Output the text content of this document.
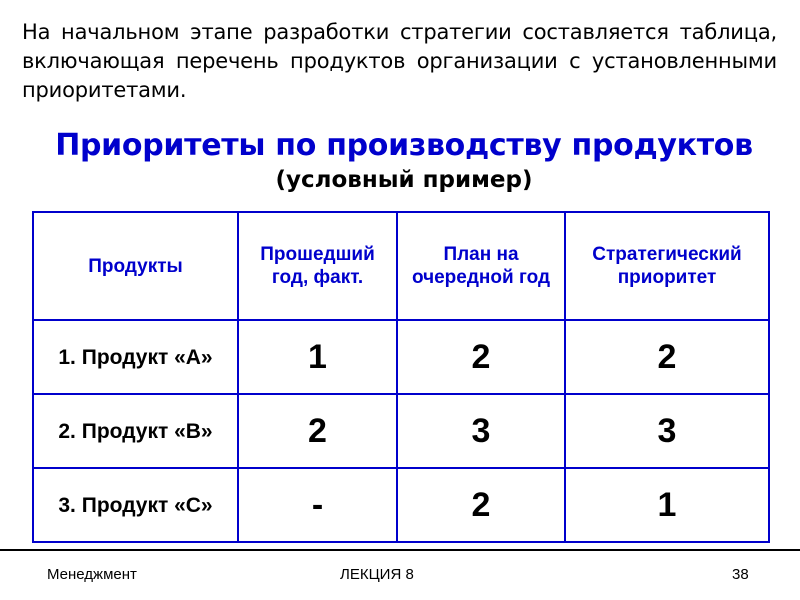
На начальном этапе разработки стратегии составляется таблица, включающая перечень продуктов организации с установленными приоритетами.
Приоритеты по производству продуктов
(условный пример)
Продукты	Прошедший год, факт.	План на очередной год	Стратегический приоритет
1. Продукт «А»	1	2	2
2. Продукт «В»	2	3	3
3. Продукт «С»	-	2	1
Менеджмент	ЛЕКЦИЯ 8	38
